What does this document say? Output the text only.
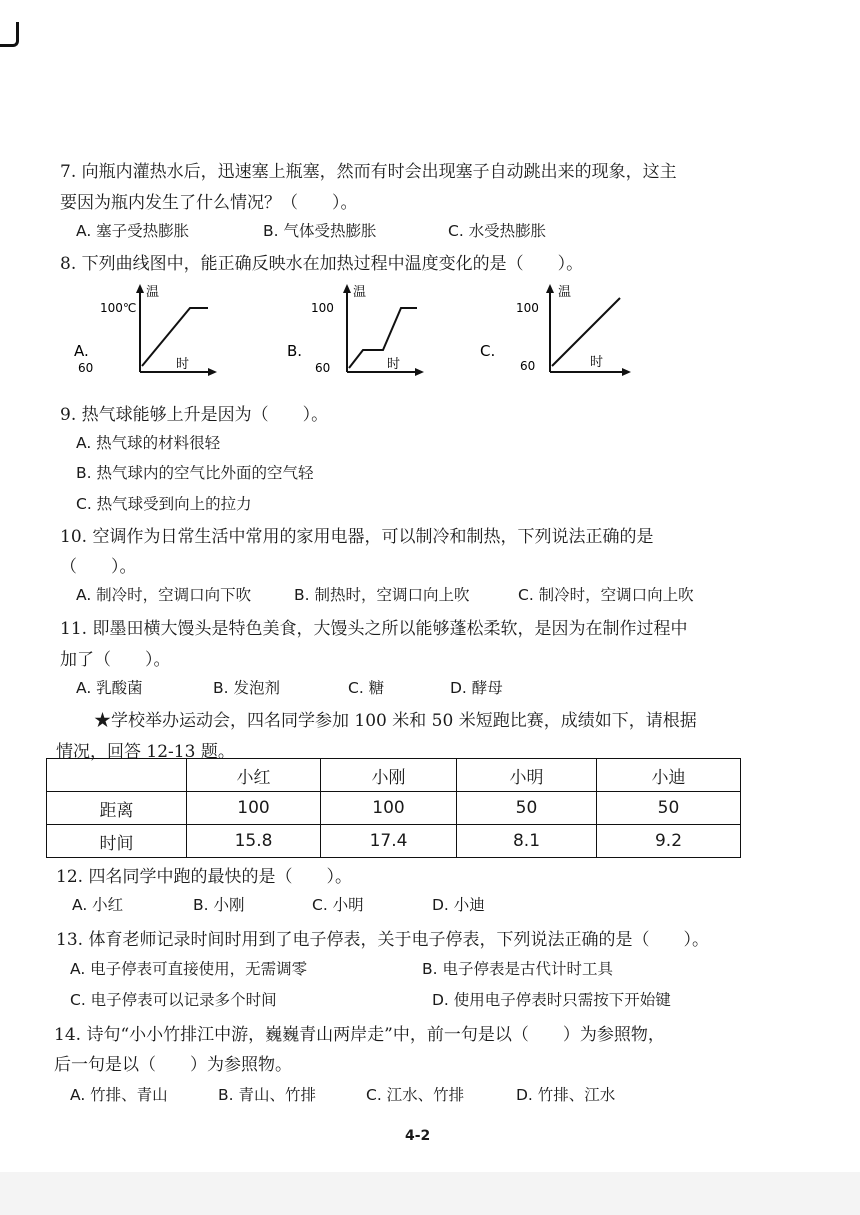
7. 向瓶内灌热水后，迅速塞上瓶塞，然而有时会出现塞子自动跳出来的现象，这主
要因为瓶内发生了什么情况？（　　）。
A. 塞子受热膨胀	B. 气体受热膨胀	C. 水受热膨胀
8. 下列曲线图中，能正确反映水在加热过程中温度变化的是（　　）。
A.
温
100℃
60	时
B.
温
100
60	时
C.
温
100
60	时
9. 热气球能够上升是因为（　　）。
A. 热气球的材料很轻
B. 热气球内的空气比外面的空气轻
C. 热气球受到向上的拉力
10. 空调作为日常生活中常用的家用电器，可以制冷和制热，下列说法正确的是
（　　）。
A. 制冷时，空调口向下吹	B. 制热时，空调口向上吹	C. 制冷时，空调口向上吹
11. 即墨田横大馒头是特色美食，大馒头之所以能够蓬松柔软，是因为在制作过程中
加了（　　）。
A. 乳酸菌	B. 发泡剂	C. 糖	D. 酵母
★学校举办运动会，四名同学参加 100 米和 50 米短跑比赛，成绩如下，请根据
情况，回答 12-13 题。
	小红	小刚	小明	小迪
距离	100	100	50	50
时间	15.8	17.4	8.1	9.2
12. 四名同学中跑的最快的是（　　）。
A. 小红	B. 小刚	C. 小明	D. 小迪
13. 体育老师记录时间时用到了电子停表，关于电子停表，下列说法正确的是（　　）。
A. 电子停表可直接使用，无需调零	B. 电子停表是古代计时工具
C. 电子停表可以记录多个时间	D. 使用电子停表时只需按下开始键
14. 诗句“小小竹排江中游，巍巍青山两岸走”中，前一句是以（　　）为参照物，
后一句是以（　　）为参照物。
A. 竹排、青山	B. 青山、竹排	C. 江水、竹排	D. 竹排、江水
4-2
